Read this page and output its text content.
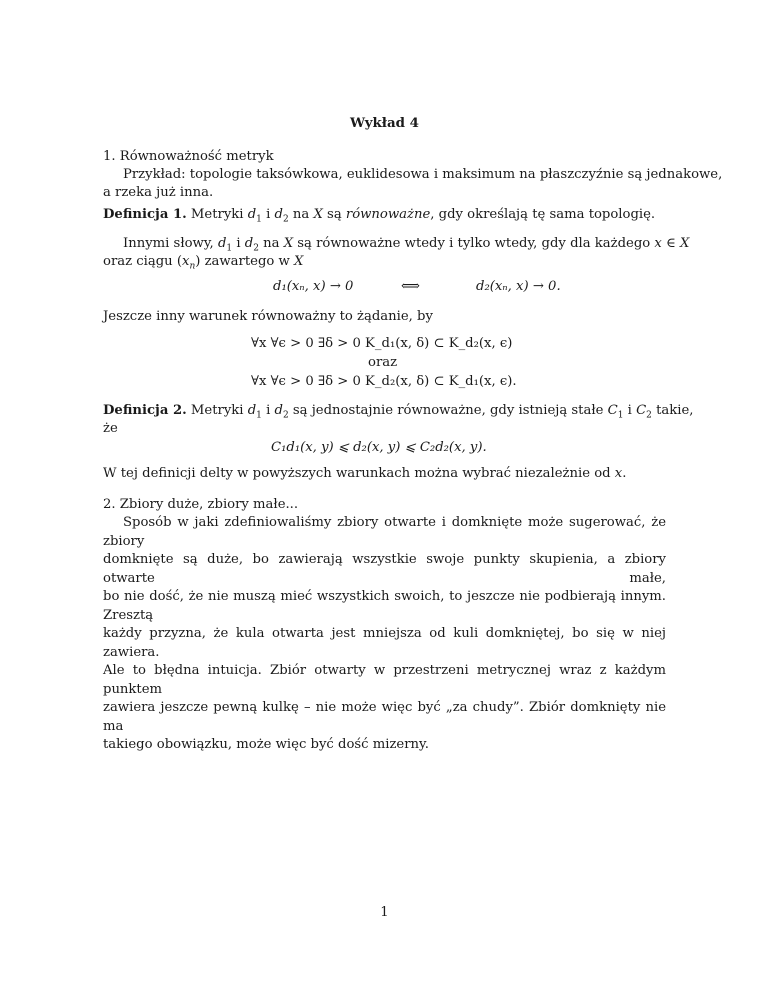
Wykład 4
1. Równoważność metryk
Przykład: topologie taksówkowa, euklidesowa i maksimum na płaszczyźnie są jednakowe,
a rzeka już inna.
Definicja 1. Metryki $d_1$ i $d_2$ na X są równoważne, gdy określają tę sama topologię.
Innymi słowy, $d_1$ i $d_2$ na X są równoważne wtedy i tylko wtedy, gdy dla każdego x ∈ X
oraz ciągu $(x_n)$ zawartego w X
d₁(xₙ, x) → 0	⟺	d₂(xₙ, x) → 0.
Jeszcze inny warunek równoważny to żądanie, by
∀x ∀ϵ > 0 ∃δ > 0 K_d₁(x, δ) ⊂ K_d₂(x, ϵ)
oraz
∀x ∀ϵ > 0 ∃δ > 0 K_d₂(x, δ) ⊂ K_d₁(x, ϵ).
Definicja 2. Metryki $d_1$ i $d_2$ są jednostajnie równoważne, gdy istnieją stałe $C_1$ i $C_2$ takie,
że
C₁d₁(x, y) ⩽ d₂(x, y) ⩽ C₂d₂(x, y).
W tej definicji delty w powyższych warunkach można wybrać niezależnie od x.
2. Zbiory duże, zbiory małe...
Sposób w jaki zdefiniowaliśmy zbiory otwarte i domknięte może sugerować, że zbiory
domknięte są duże, bo zawierają wszystkie swoje punkty skupienia, a zbiory otwarte małe,
bo nie dość, że nie muszą mieć wszystkich swoich, to jeszcze nie podbierają innym. Zresztą
każdy przyzna, że kula otwarta jest mniejsza od kuli domkniętej, bo się w niej zawiera.
Ale to błędna intuicja. Zbiór otwarty w przestrzeni metrycznej wraz z każdym punktem
zawiera jeszcze pewną kulkę – nie może więc być „za chudy”. Zbiór domknięty nie ma
takiego obowiązku, może więc być dość mizerny.
1
